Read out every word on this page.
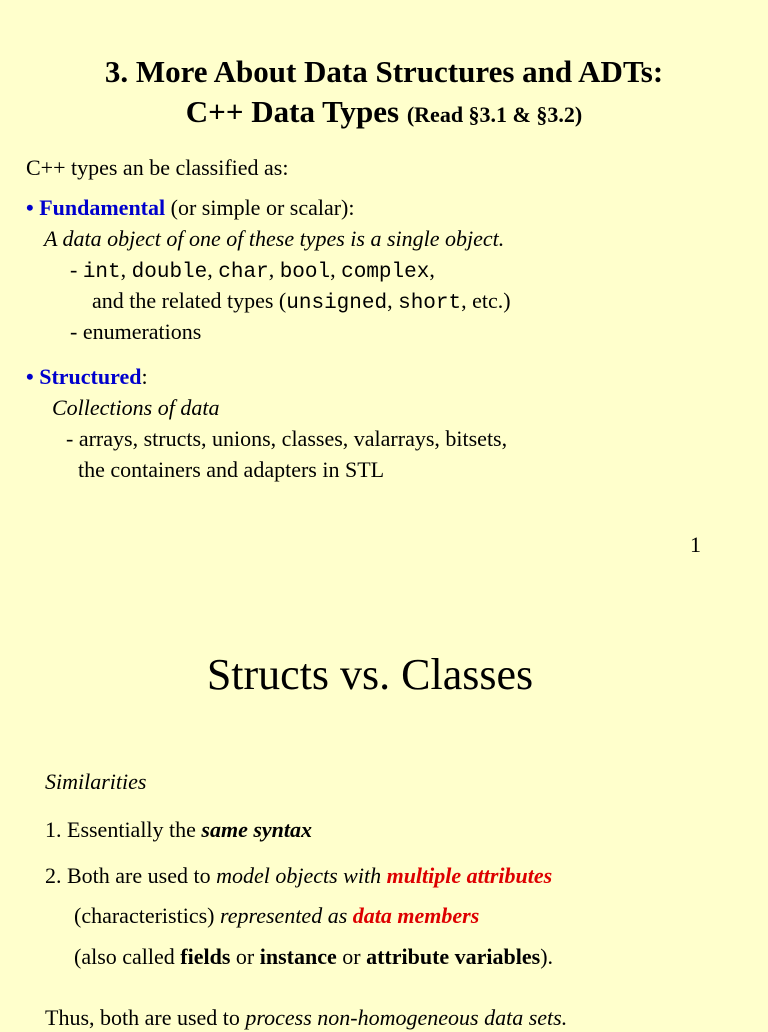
3. More About Data Structures and ADTs:
C++ Data Types (Read §3.1 & §3.2)
C++ types an be classified as:
• Fundamental (or simple or scalar):
A data object of one of these types is a single object.
- int, double, char, bool, complex,
and the related types (unsigned, short, etc.)
- enumerations
• Structured:
Collections of data
- arrays, structs, unions, classes, valarrays, bitsets,
the containers and adapters in STL
1
Structs vs. Classes
Similarities
1. Essentially the same syntax
2. Both are used to model objects with multiple attributes
(characteristics) represented as data members
(also called fields or instance or attribute variables).
Thus, both are used to process non-homogeneous data sets.
